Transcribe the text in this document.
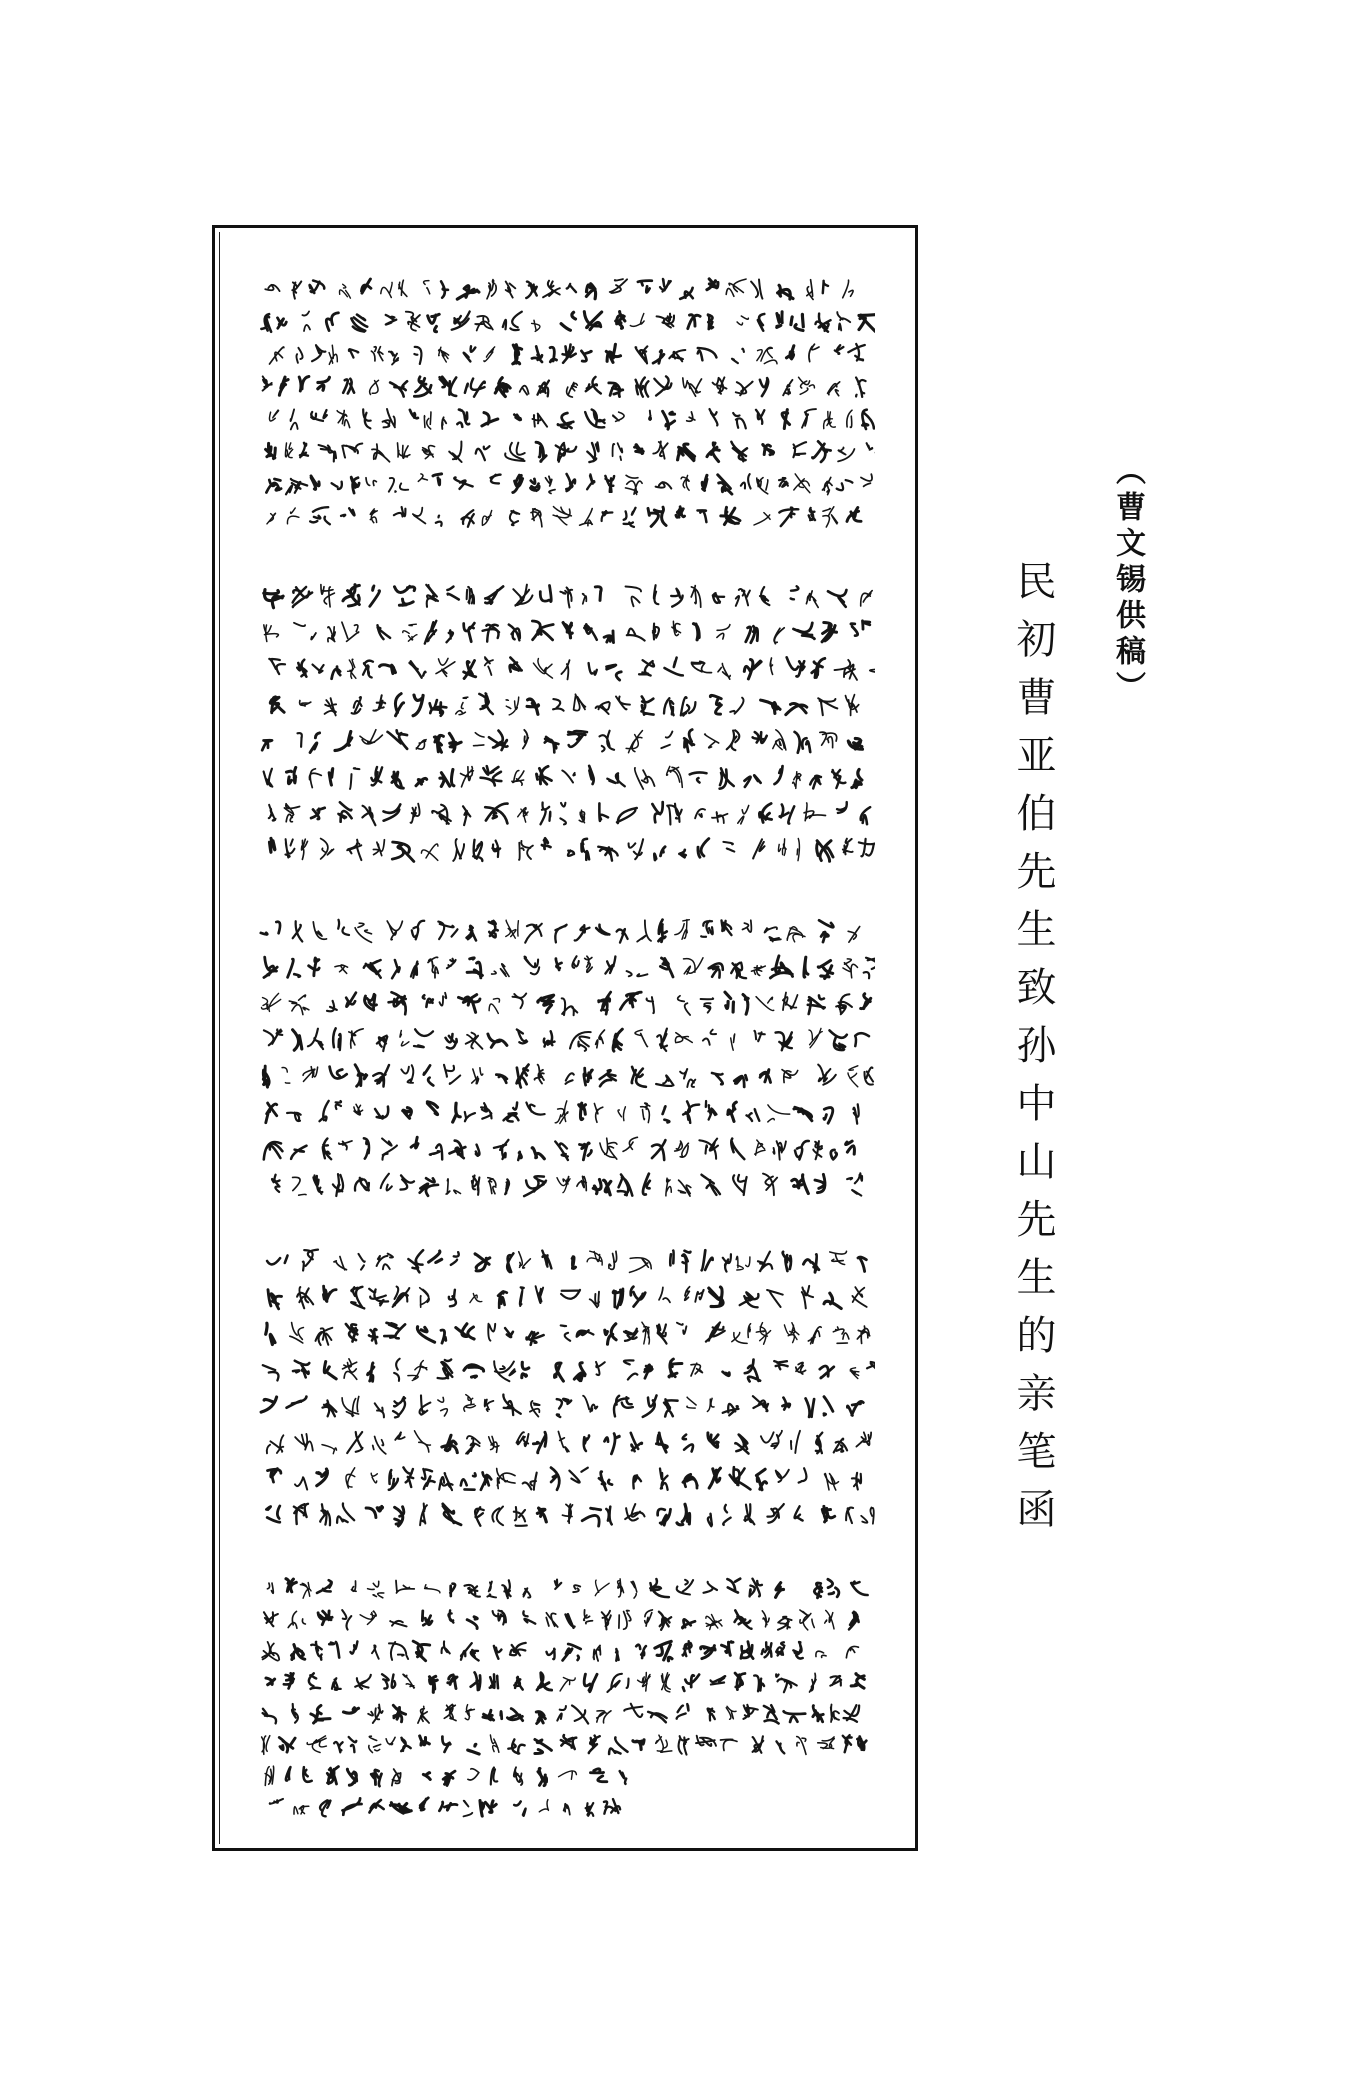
民初曹亚伯先生致孙中山先生的亲笔函 （曹文锡供稿）
